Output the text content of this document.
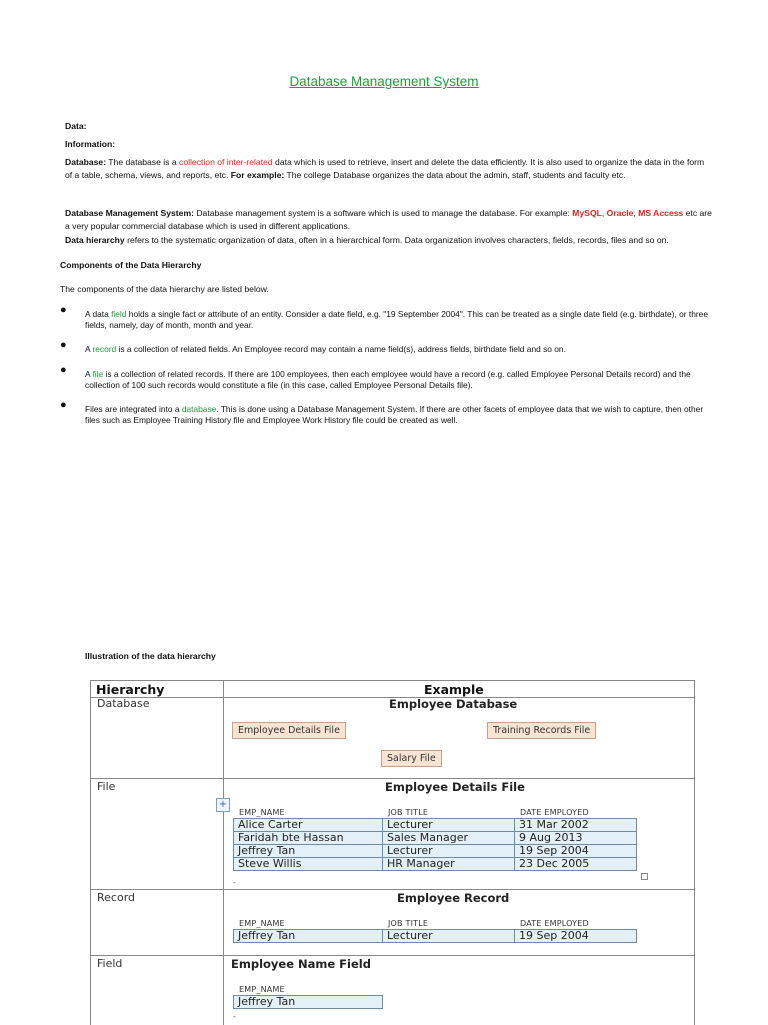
Database Management System

Data:

Information:

Database: The database is a collection of inter-related data which is used to retrieve, insert and delete the data efficiently. It is also used to organize the data in the form of a table, schema, views, and reports, etc. For example: The college Database organizes the data about the admin, staff, students and faculty etc.

Database Management System: Database management system is a software which is used to manage the database. For example: MySQL, Oracle, MS Access etc are a very popular commercial database which is used in different applications.

Data hierarchy refers to the systematic organization of data, often in a hierarchical form. Data organization involves characters, fields, records, files and so on.

Components of the Data Hierarchy

The components of the data hierarchy are listed below.

● A data field holds a single fact or attribute of an entity. Consider a date field, e.g. "19 September 2004". This can be treated as a single date field (e.g. birthdate), or three fields, namely, day of month, month and year.

● A record is a collection of related fields. An Employee record may contain a name field(s), address fields, birthdate field and so on.

● A file is a collection of related records. If there are 100 employees, then each employee would have a record (e.g. called Employee Personal Details record) and the collection of 100 such records would constitute a file (in this case, called Employee Personal Details file).

● Files are integrated into a database. This is done using a Database Management System. If there are other facets of employee data that we wish to capture, then other files such as Employee Training History file and Employee Work History file could be created as well.

Illustration of the data hierarchy

Hierarchy	Example
Database	Employee Database
Employee Details File	Training Records File
Salary File
File	Employee Details File
+
EMP_NAME	JOB TITLE	DATE EMPLOYED
Alice Carter	Lecturer	31 Mar 2002
Faridah bte Hassan	Sales Manager	9 Aug 2013
Jeffrey Tan	Lecturer	19 Sep 2004
Steve Willis	HR Manager	23 Dec 2005
-
Record	Employee Record
EMP_NAME	JOB TITLE	DATE EMPLOYED
Jeffrey Tan	Lecturer	19 Sep 2004
Field	Employee Name Field
EMP_NAME
Jeffrey Tan
-
